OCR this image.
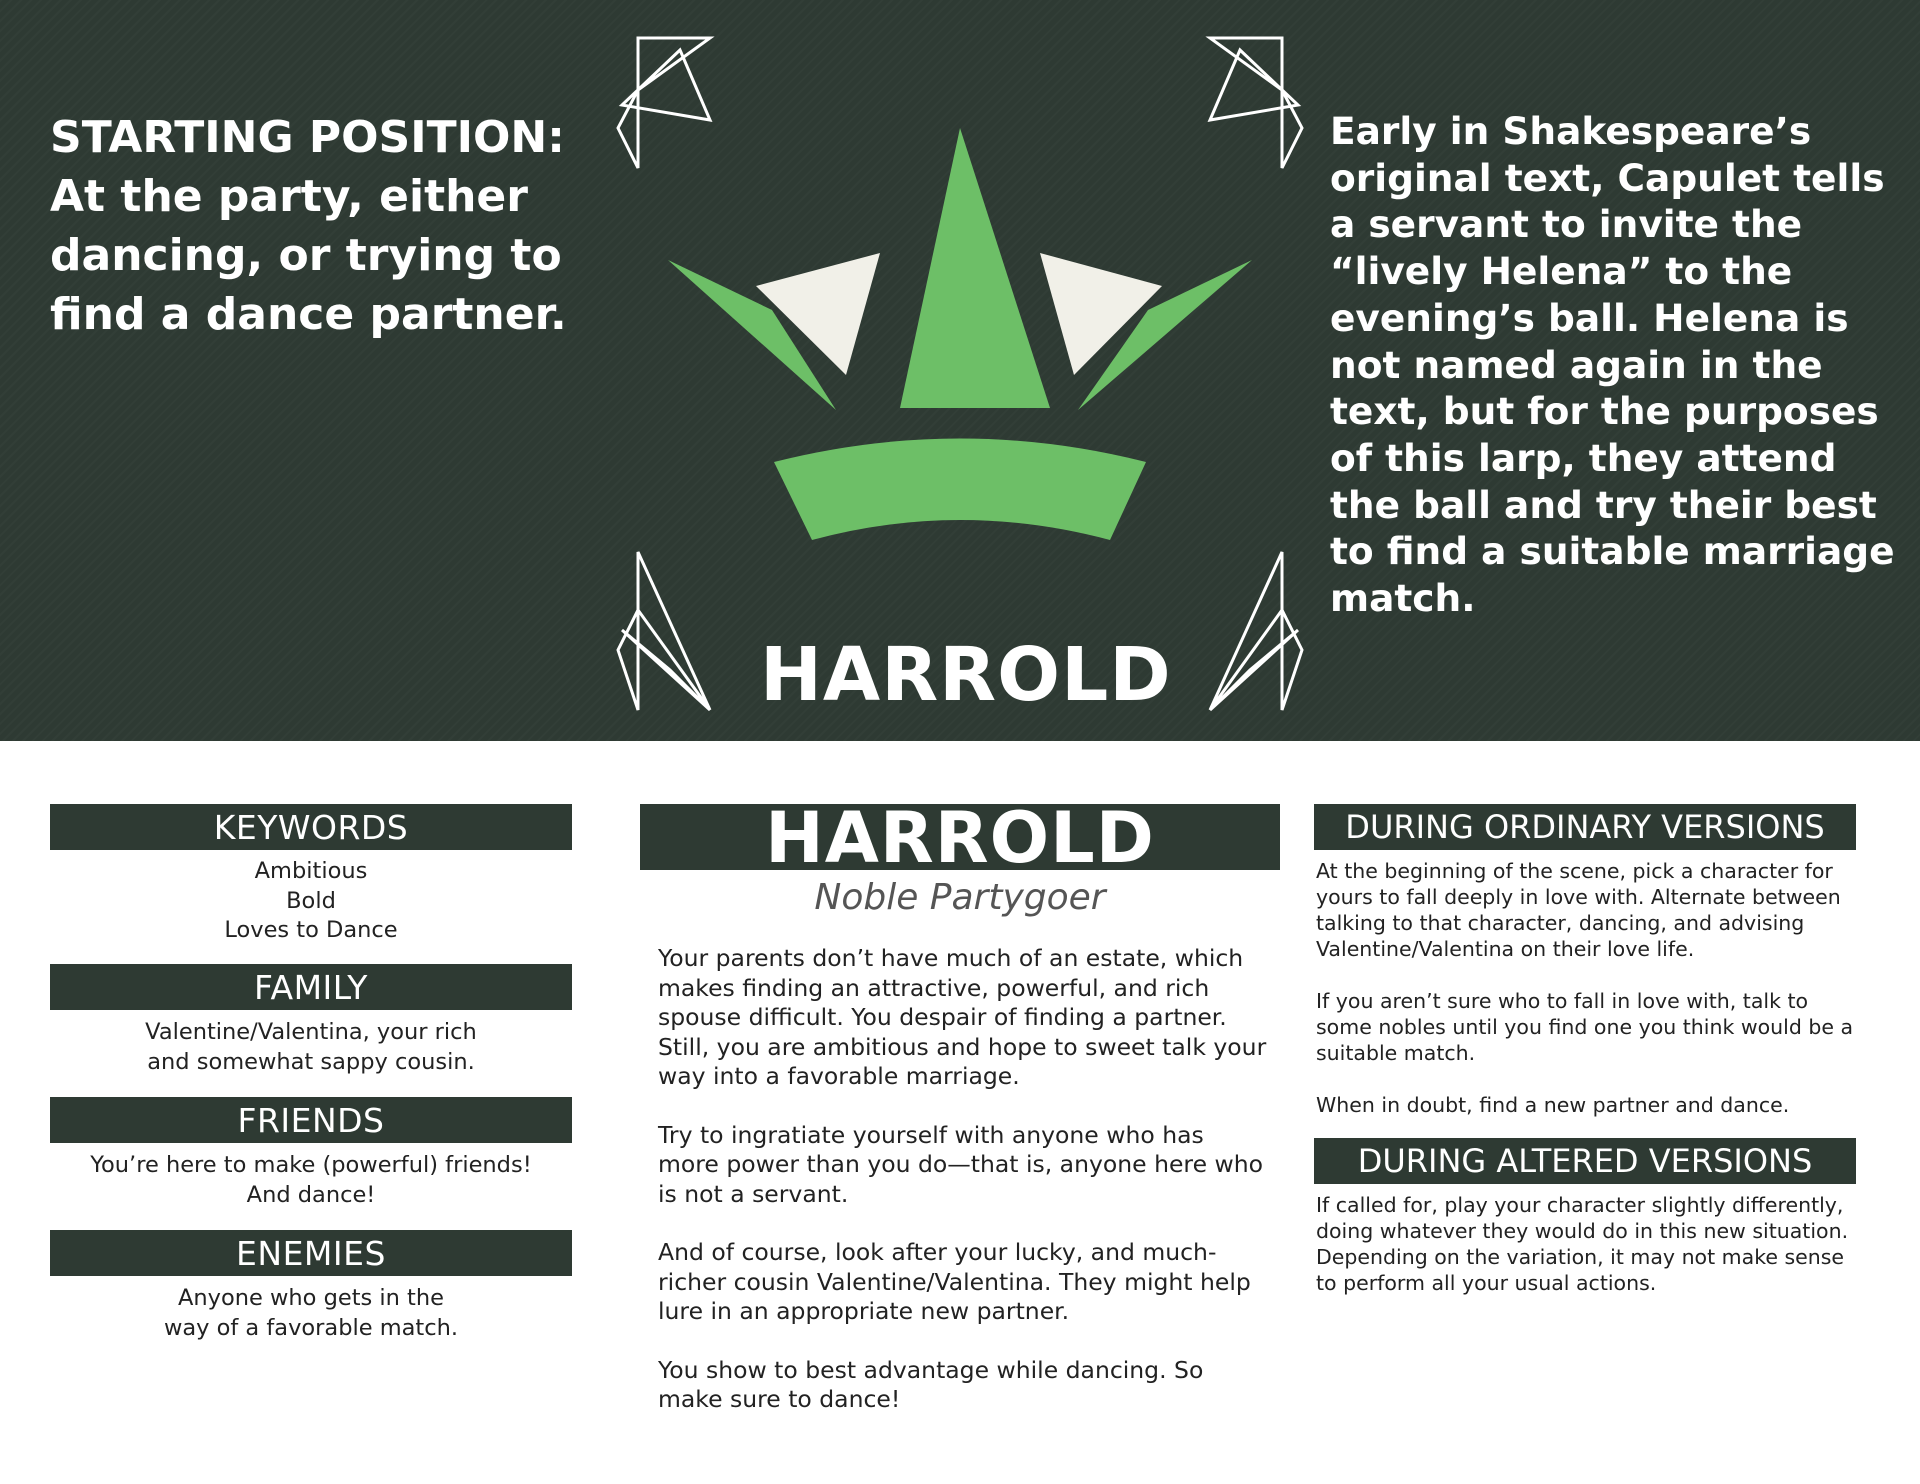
STARTING POSITION: At the party, either dancing, or trying to find a dance partner.
HARROLD
Early in Shakespeare’s original text, Capulet tells a servant to invite the “lively Helena” to the evening’s ball. Helena is not named again in the text, but for the purposes of this larp, they attend the ball and try their best to find a suitable marriage match.
KEYWORDS
Ambitious
Bold
Loves to Dance
FAMILY
Valentine/Valentina, your rich
and somewhat sappy cousin.
FRIENDS
You’re here to make (powerful) friends!
And dance!
ENEMIES
Anyone who gets in the
way of a favorable match.
HARROLD
Noble Partygoer

Your parents don’t have much of an estate, which makes finding an attractive, powerful, and rich spouse difficult. You despair of finding a partner. Still, you are ambitious and hope to sweet talk your way into a favorable marriage.

Try to ingratiate yourself with anyone who has more power than you do—that is, anyone here who is not a servant.

And of course, look after your lucky, and much-richer cousin Valentine/Valentina. They might help lure in an appropriate new partner.

You show to best advantage while dancing. So make sure to dance!

DURING ORDINARY VERSIONS

At the beginning of the scene, pick a character for yours to fall deeply in love with. Alternate between talking to that character, dancing, and advising Valentine/Valentina on their love life.

If you aren’t sure who to fall in love with, talk to some nobles until you find one you think would be a suitable match.

When in doubt, find a new partner and dance.

DURING ALTERED VERSIONS

If called for, play your character slightly differently, doing whatever they would do in this new situation. Depending on the variation, it may not make sense to perform all your usual actions.
